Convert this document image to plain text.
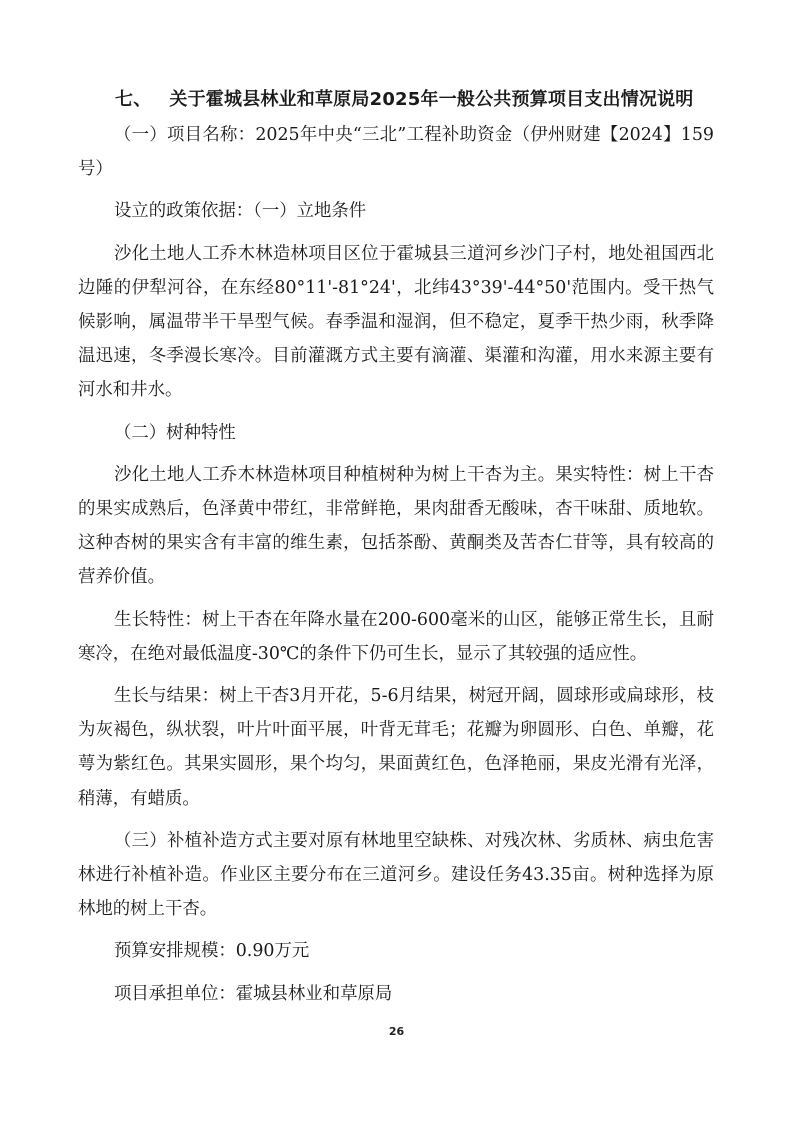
七、 关于霍城县林业和草原局2025年一般公共预算项目支出情况说明

（一）项目名称：2025年中央“三北”工程补助资金（伊州财建【2024】159号）

设立的政策依据：（一）立地条件

沙化土地人工乔木林造林项目区位于霍城县三道河乡沙门子村，地处祖国西北边陲的伊犁河谷，在东经80°11'-81°24'，北纬43°39'-44°50'范围内。受干热气候影响，属温带半干旱型气候。春季温和湿润，但不稳定，夏季干热少雨，秋季降温迅速，冬季漫长寒冷。目前灌溉方式主要有滴灌、渠灌和沟灌，用水来源主要有河水和井水。

（二）树种特性

沙化土地人工乔木林造林项目种植树种为树上干杏为主。果实特性：树上干杏的果实成熟后，色泽黄中带红，非常鲜艳，果肉甜香无酸味，杏干味甜、质地软。这种杏树的果实含有丰富的维生素，包括茶酚、黄酮类及苦杏仁苷等，具有较高的营养价值。

生长特性：树上干杏在年降水量在200-600毫米的山区，能够正常生长，且耐寒冷，在绝对最低温度-30℃的条件下仍可生长，显示了其较强的适应性。

生长与结果：树上干杏3月开花，5-6月结果，树冠开阔，圆球形或扁球形，枝为灰褐色，纵状裂，叶片叶面平展，叶背无茸毛；花瓣为卵圆形、白色、单瓣，花萼为紫红色。其果实圆形，果个均匀，果面黄红色，色泽艳丽，果皮光滑有光泽，稍薄，有蜡质。

（三）补植补造方式主要对原有林地里空缺株、对残次林、劣质林、病虫危害林进行补植补造。作业区主要分布在三道河乡。建设任务43.35亩。树种选择为原林地的树上干杏。

预算安排规模：0.90万元

项目承担单位：霍城县林业和草原局

26
